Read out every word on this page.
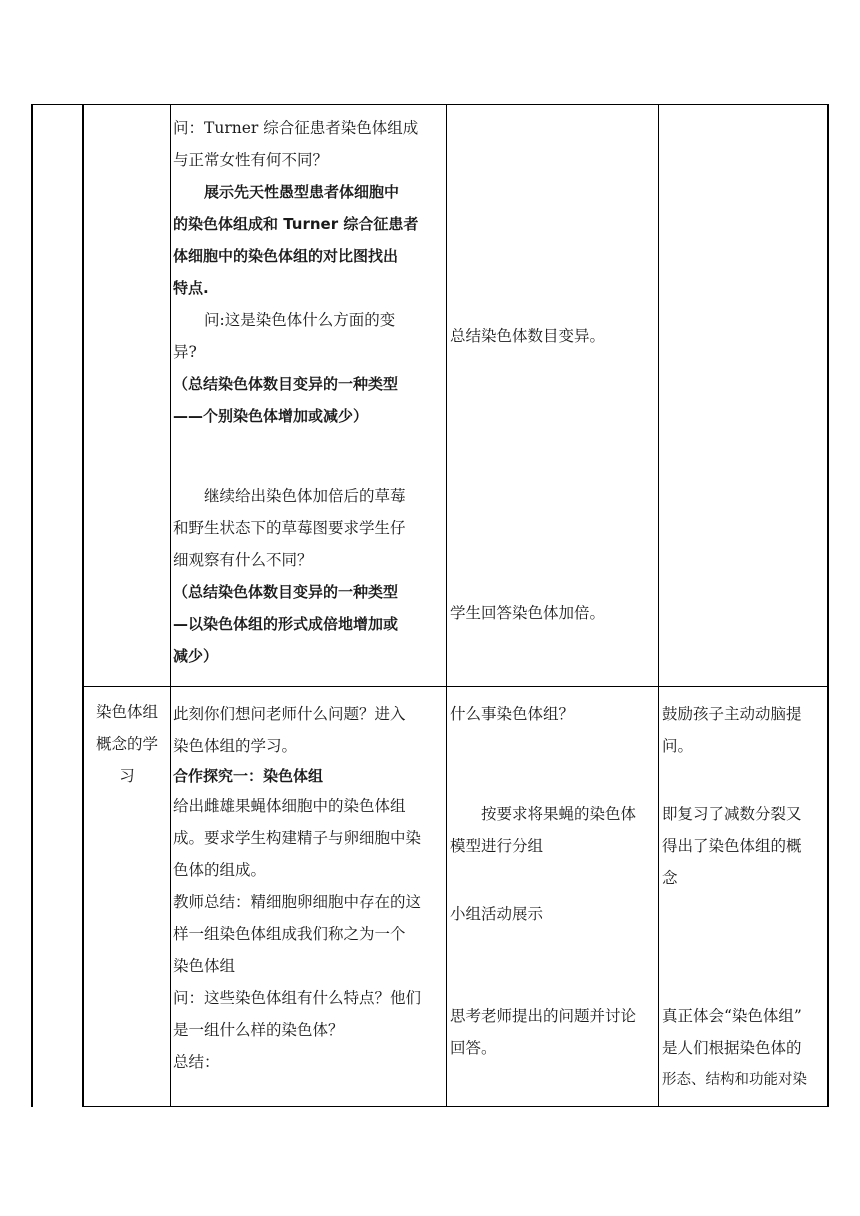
问：Turner 综合征患者染色体组成

与正常女性有何不同？

展示先天性愚型患者体细胞中

的染色体组成和 Turner 综合征患者

体细胞中的染色体组的对比图找出

特点.

问:这是染色体什么方面的变

异?

（总结染色体数目变异的一种类型

——个别染色体增加或减少）

继续给出染色体加倍后的草莓

和野生状态下的草莓图要求学生仔

细观察有什么不同？

（总结染色体数目变异的一种类型

—以染色体组的形式成倍地增加或

减少）

总结染色体数目变异。

学生回答染色体加倍。

染色体组

概念的学

习

此刻你们想问老师什么问题？进入

染色体组的学习。

合作探究一：染色体组

给出雌雄果蝇体细胞中的染色体组

成。要求学生构建精子与卵细胞中染

色体的组成。

教师总结：精细胞卵细胞中存在的这

样一组染色体组成我们称之为一个

染色体组

问：这些染色体组有什么特点？他们

是一组什么样的染色体？

总结：

什么事染色体组？

按要求将果蝇的染色体

模型进行分组

小组活动展示

思考老师提出的问题并讨论

回答。

鼓励孩子主动动脑提

问。

即复习了减数分裂又

得出了染色体组的概

念

真正体会“染色体组”

是人们根据染色体的

形态、结构和功能对染
